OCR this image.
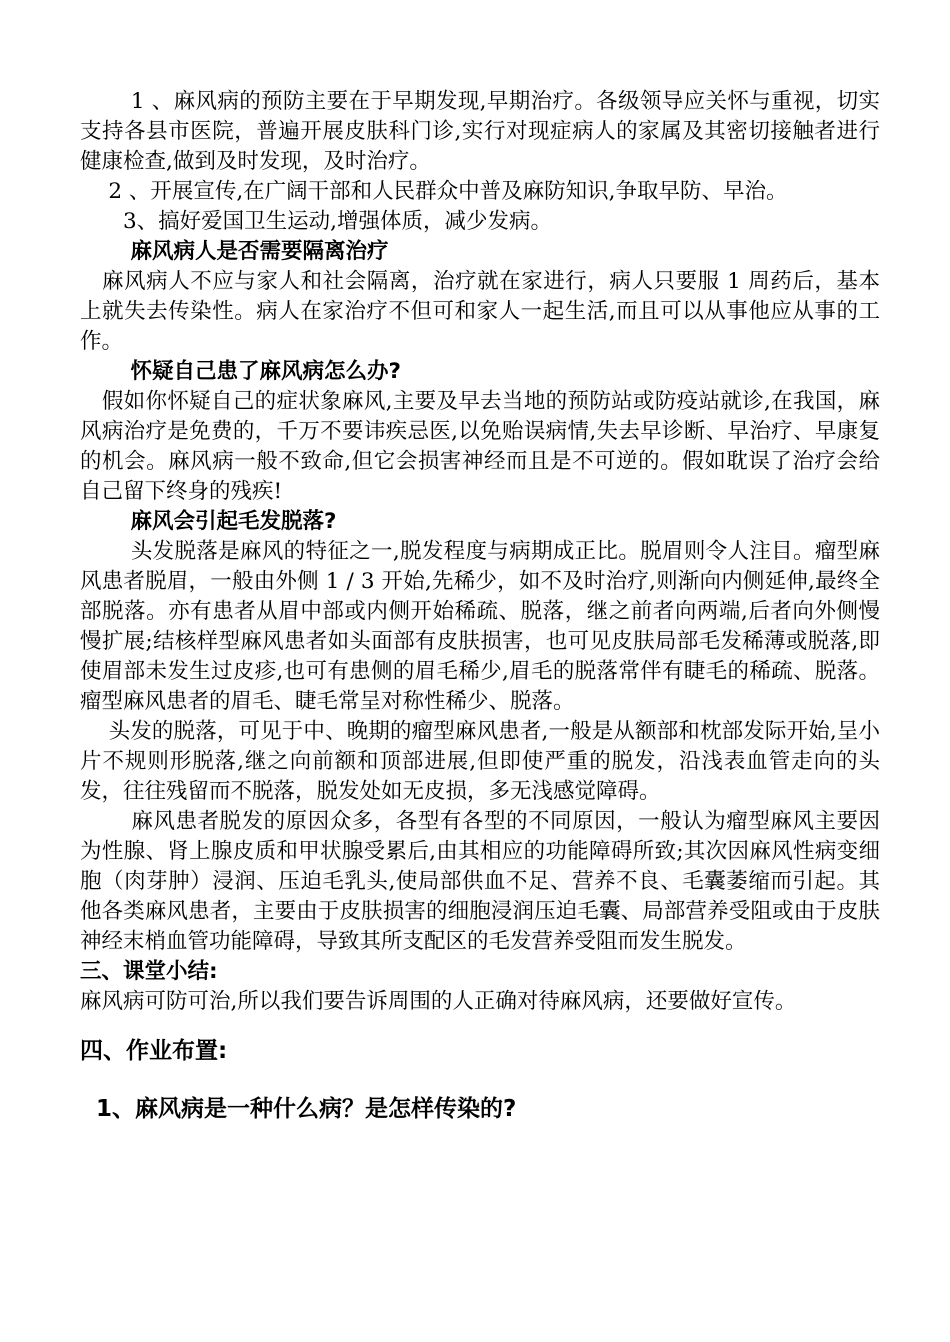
　　 1 、麻风病的预防主要在于早期发现,早期治疗。各级领导应关怀与重视，切实支持各县市医院，普遍开展皮肤科门诊,实行对现症病人的家属及其密切接触者进行健康检查,做到及时发现，及时治疗。

　 2 、开展宣传,在广阔干部和人民群众中普及麻防知识,争取早防、早治。

　　3、搞好爱国卫生运动,增强体质，减少发病。

　　 麻风病人是否需要隔离治疗

　麻风病人不应与家人和社会隔离，治疗就在家进行，病人只要服 1 周药后，基本上就失去传染性。病人在家治疗不但可和家人一起生活,而且可以从事他应从事的工作。

　　 怀疑自己患了麻风病怎么办?

　假如你怀疑自己的症状象麻风,主要及早去当地的预防站或防疫站就诊,在我国，麻风病治疗是免费的，千万不要讳疾忌医,以免贻误病情,失去早诊断、早治疗、早康复的机会。麻风病一般不致命,但它会损害神经而且是不可逆的。假如耽误了治疗会给自己留下终身的残疾!

　　 麻风会引起毛发脱落?

　　 头发脱落是麻风的特征之一,脱发程度与病期成正比。脱眉则令人注目。瘤型麻风患者脱眉，一般由外侧 1 / 3 开始,先稀少，如不及时治疗,则渐向内侧延伸,最终全部脱落。亦有患者从眉中部或内侧开始稀疏、脱落，继之前者向两端,后者向外侧慢慢扩展;结核样型麻风患者如头面部有皮肤损害，也可见皮肤局部毛发稀薄或脱落,即使眉部未发生过皮疹,也可有患侧的眉毛稀少,眉毛的脱落常伴有睫毛的稀疏、脱落。瘤型麻风患者的眉毛、睫毛常呈对称性稀少、脱落。

　 头发的脱落，可见于中、晚期的瘤型麻风患者,一般是从额部和枕部发际开始,呈小片不规则形脱落,继之向前额和顶部进展,但即使严重的脱发，沿浅表血管走向的头发，往往残留而不脱落，脱发处如无皮损，多无浅感觉障碍。

　　 麻风患者脱发的原因众多，各型有各型的不同原因，一般认为瘤型麻风主要因为性腺、肾上腺皮质和甲状腺受累后,由其相应的功能障碍所致;其次因麻风性病变细胞（肉芽肿）浸润、压迫毛乳头,使局部供血不足、营养不良、毛囊萎缩而引起。其他各类麻风患者，主要由于皮肤损害的细胞浸润压迫毛囊、局部营养受阻或由于皮肤神经末梢血管功能障碍，导致其所支配区的毛发营养受阻而发生脱发。

三、课堂小结:

麻风病可防可治,所以我们要告诉周围的人正确对待麻风病，还要做好宣传。

四、作业布置:

1、麻风病是一种什么病？是怎样传染的?
